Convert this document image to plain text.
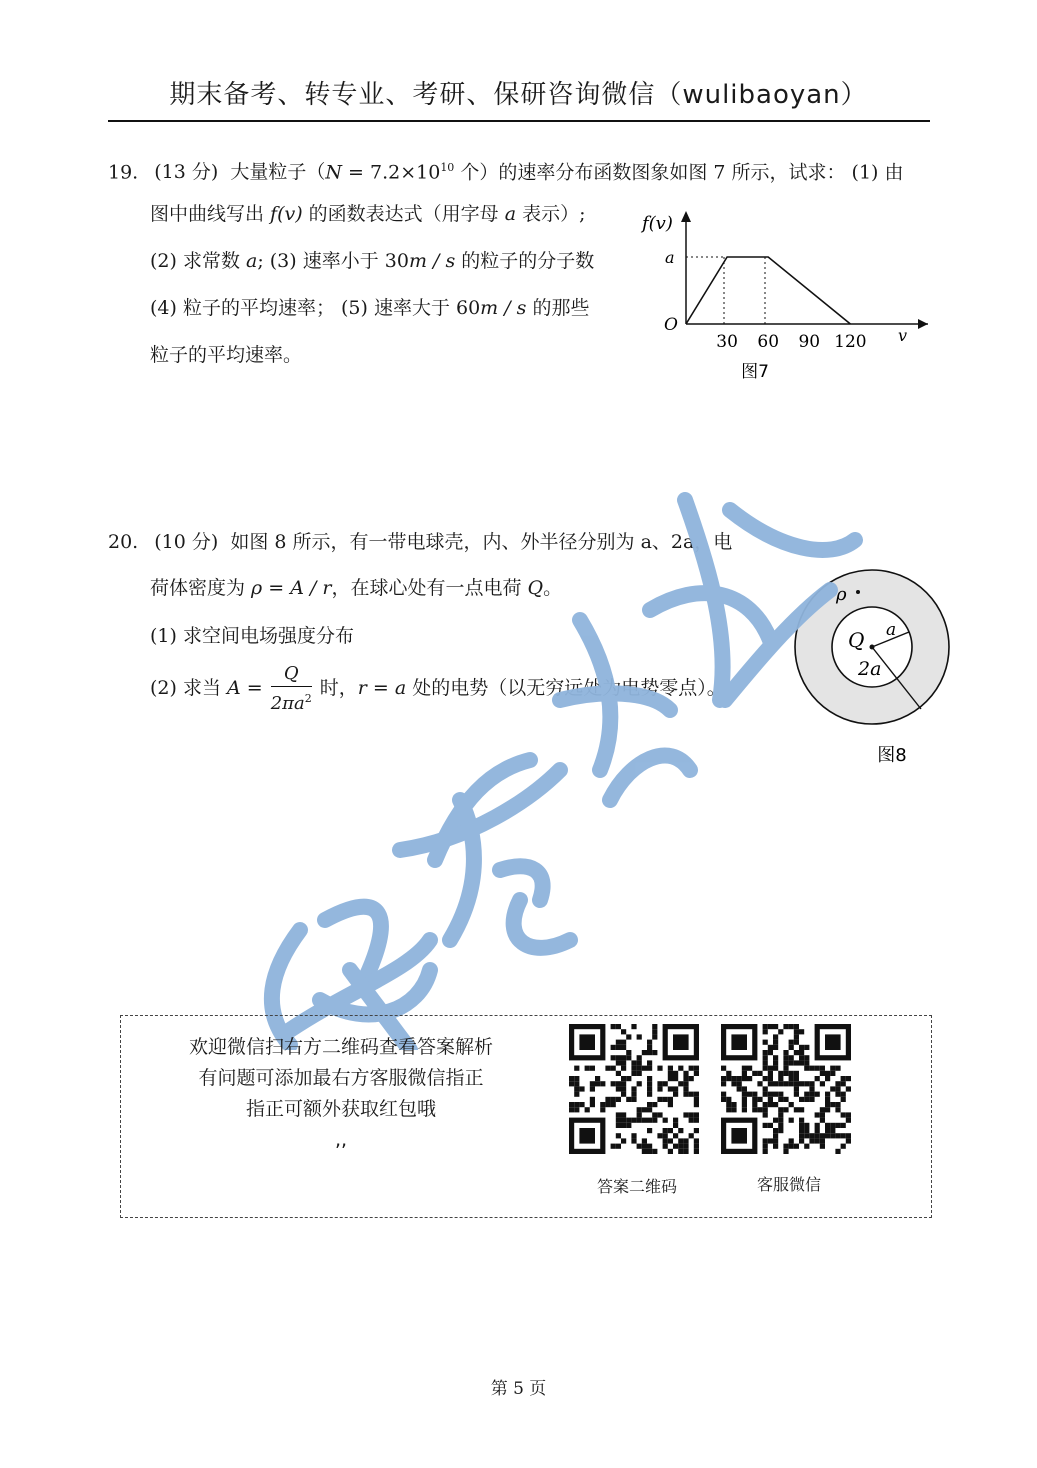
期末备考、转专业、考研、保研咨询微信（wulibaoyan）
19. (13 分) 大量粒子（$N = 7.2\times 10^{10}$ 个）的速率分布函数图象如图 7 所示，试求： (1) 由
图中曲线写出 f(v) 的函数表达式（用字母 a 表示）;
(2) 求常数 a; (3) 速率小于 30m / s 的粒子的分子数
(4) 粒子的平均速率； (5) 速率大于 60m / s 的那些
粒子的平均速率。
f(v)
a
O
v
30 60 90 120
图7
20. (10 分) 如图 8 所示，有一带电球壳，内、外半径分别为 a、2a，电
荷体密度为 ρ = A / r，在球心处有一点电荷 Q。
(1) 求空间电场强度分布
(2) 求当 $A = \frac{Q}{2\pi a^2}$ 时，r = a 处的电势（以无穷远处为电势零点）。
ρ
Q a
2a
图8
欢迎微信扫右方二维码查看答案解析
有问题可添加最右方客服微信指正
指正可额外获取红包哦
,,
答案二维码	客服微信
第 5 页
